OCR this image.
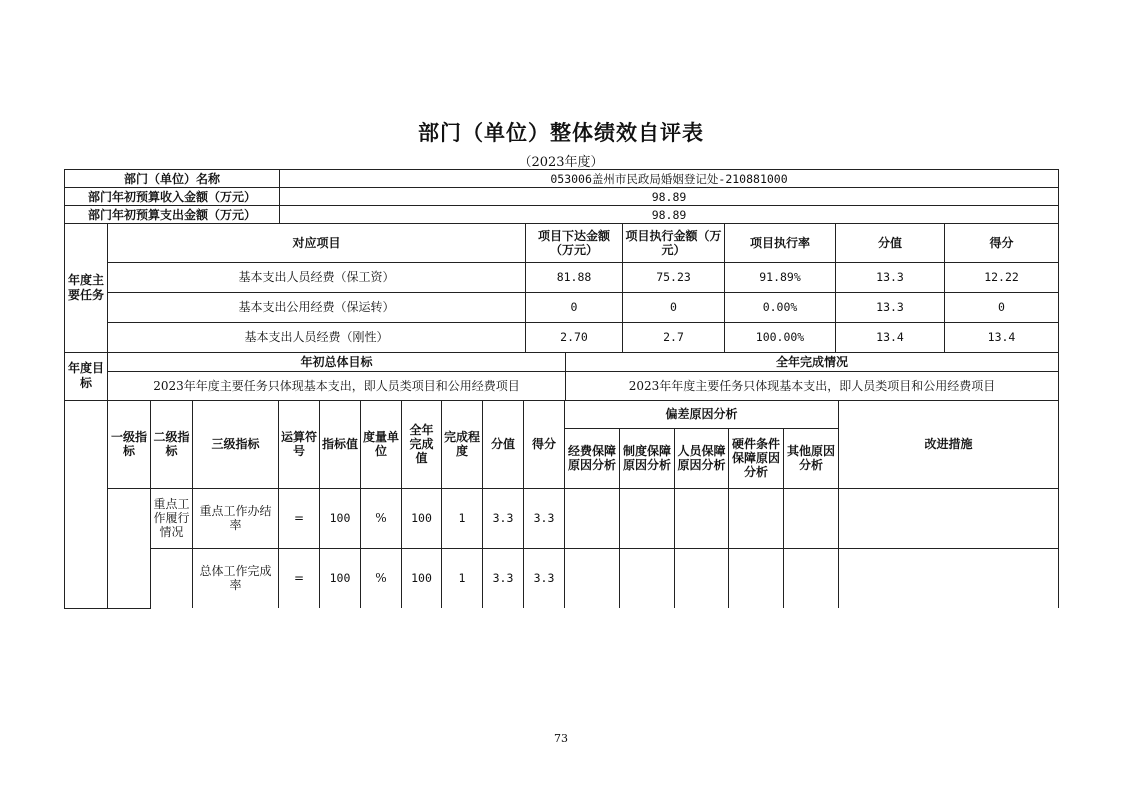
部门（单位）整体绩效自评表
（2023年度）
部门（单位）名称	053006盖州市民政局婚姻登记处-210881000
部门年初预算收入金额（万元）	98.89
部门年初预算支出金额（万元）	98.89
年度主要任务	对应项目	项目下达金额（万元）	项目执行金额（万元）	项目执行率	分值	得分
	基本支出人员经费（保工资）	81.88	75.23	91.89%	13.3	12.22
	基本支出公用经费（保运转）	0	0	0.00%	13.3	0
	基本支出人员经费（刚性）	2.70	2.7	100.00%	13.4	13.4
年度目标	年初总体目标	全年完成情况
	2023年年度主要任务只体现基本支出，即人员类项目和公用经费项目	2023年年度主要任务只体现基本支出，即人员类项目和公用经费项目
	一级指标	二级指标	三级指标	运算符号	指标值	度量单位	全年完成值	完成程度	分值	得分	偏差原因分析					改进措施
											经费保障原因分析	制度保障原因分析	人员保障原因分析	硬件条件保障原因分析	其他原因分析	
		重点工作履行情况	重点工作办结率	=	100	%	100	1	3.3	3.3						
			总体工作完成率	=	100	%	100	1	3.3	3.3						
73
